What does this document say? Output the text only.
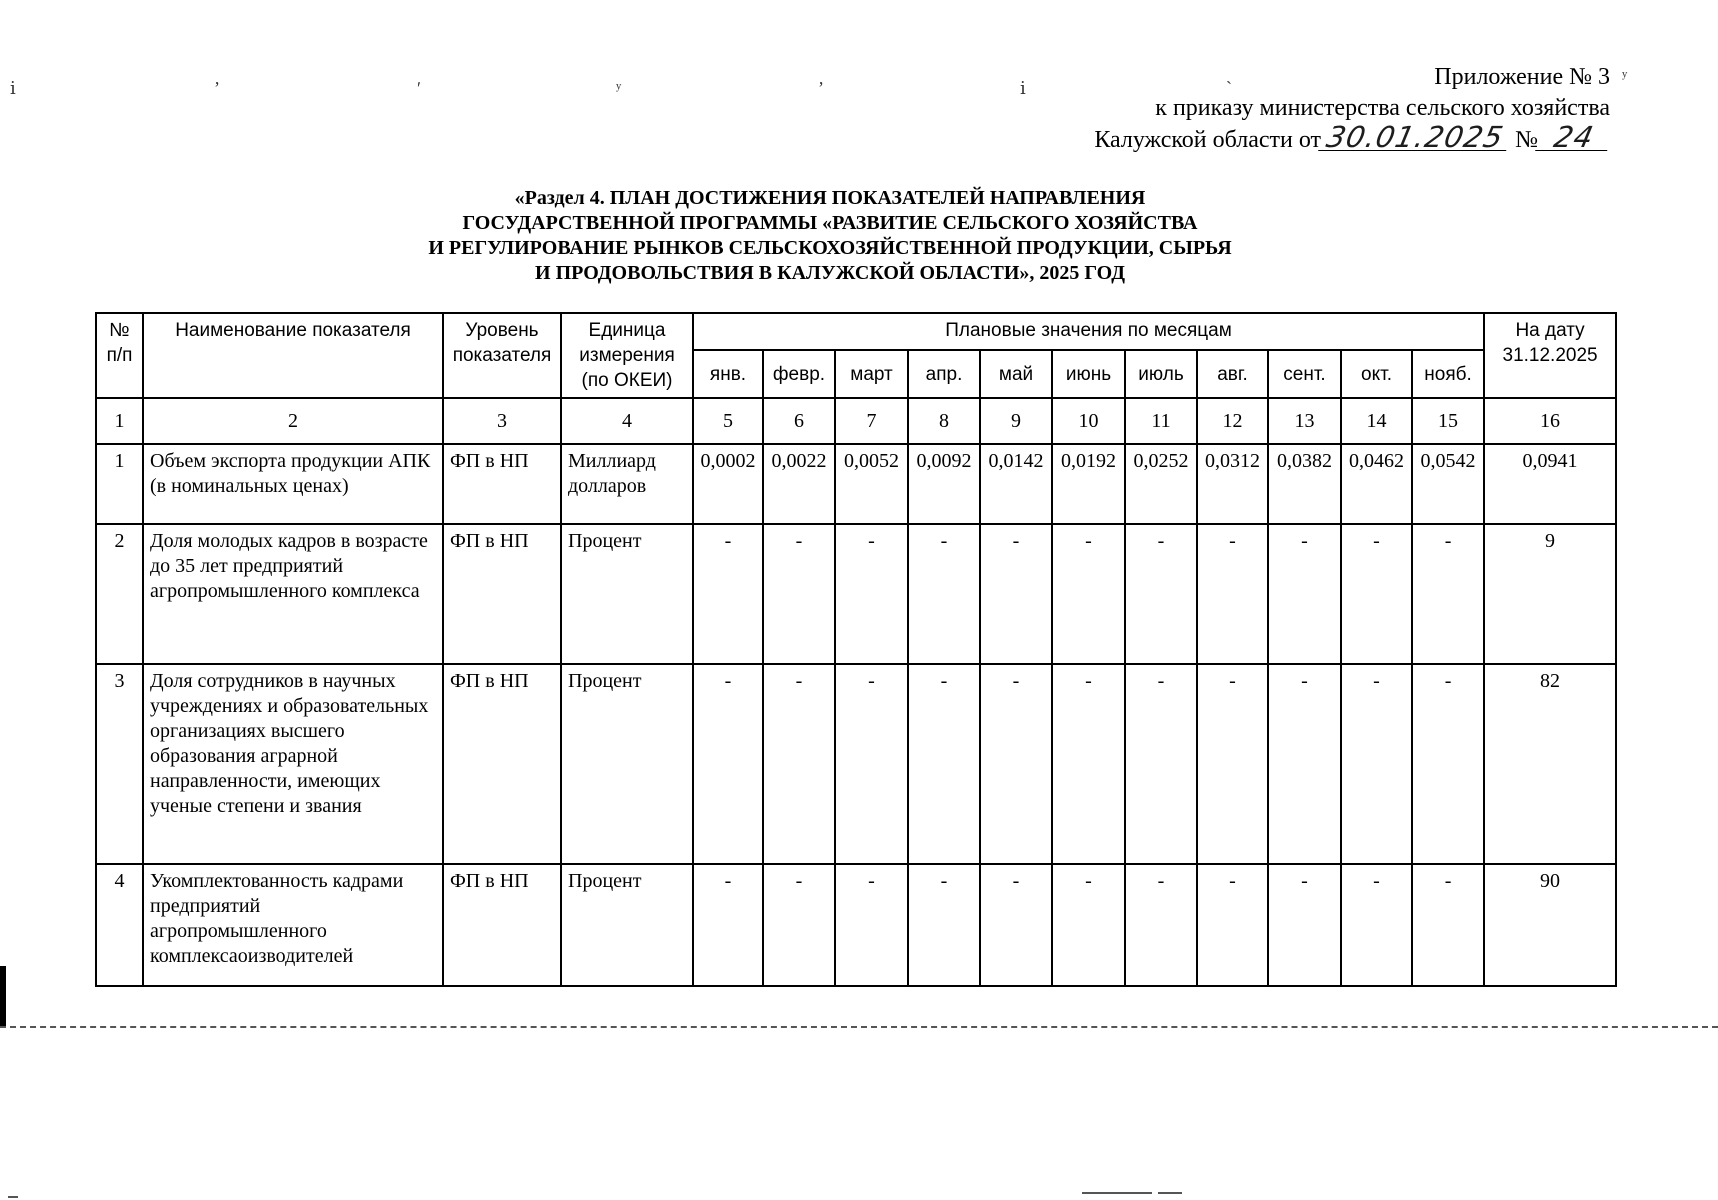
ⅰ	ʼ	ʹ	ʸ	ʼ	ⅰ	ˋ
ʸ
Приложение № 3
к приказу министерства сельского хозяйства
Калужской области от30.01.2025 № 24
«Раздел 4. ПЛАН ДОСТИЖЕНИЯ ПОКАЗАТЕЛЕЙ НАПРАВЛЕНИЯ
ГОСУДАРСТВЕННОЙ ПРОГРАММЫ «РАЗВИТИЕ СЕЛЬСКОГО ХОЗЯЙСТВА
И РЕГУЛИРОВАНИЕ РЫНКОВ СЕЛЬСКОХОЗЯЙСТВЕННОЙ ПРОДУКЦИИ, СЫРЬЯ
И ПРОДОВОЛЬСТВИЯ В КАЛУЖСКОЙ ОБЛАСТИ», 2025 ГОД
№ п/п	Наименование показателя	Уровень показателя	Единица измерения (по ОКЕИ)	Плановые значения по месяцам											На дату 31.12.2025
				янв.	февр.	март	апр.	май	июнь	июль	авг.	сент.	окт.	нояб.	
1	2	3	4	5	6	7	8	9	10	11	12	13	14	15	16
1	Объем экспорта продукции АПК (в номинальных ценах)	ФП в НП	Миллиард долларов	0,0002	0,0022	0,0052	0,0092	0,0142	0,0192	0,0252	0,0312	0,0382	0,0462	0,0542	0,0941
2	Доля молодых кадров в возрасте до 35 лет предприятий агропромышленного комплекса	ФП в НП	Процент	-	-	-	-	-	-	-	-	-	-	-	9
3	Доля сотрудников в научных учреждениях и образовательных организациях высшего образования аграрной направленности, имеющих ученые степени и звания	ФП в НП	Процент	-	-	-	-	-	-	-	-	-	-	-	82
4	Укомплектованность кадрами предприятий агропромышленного комплексаоизводителей	ФП в НП	Процент	-	-	-	-	-	-	-	-	-	-	-	90
